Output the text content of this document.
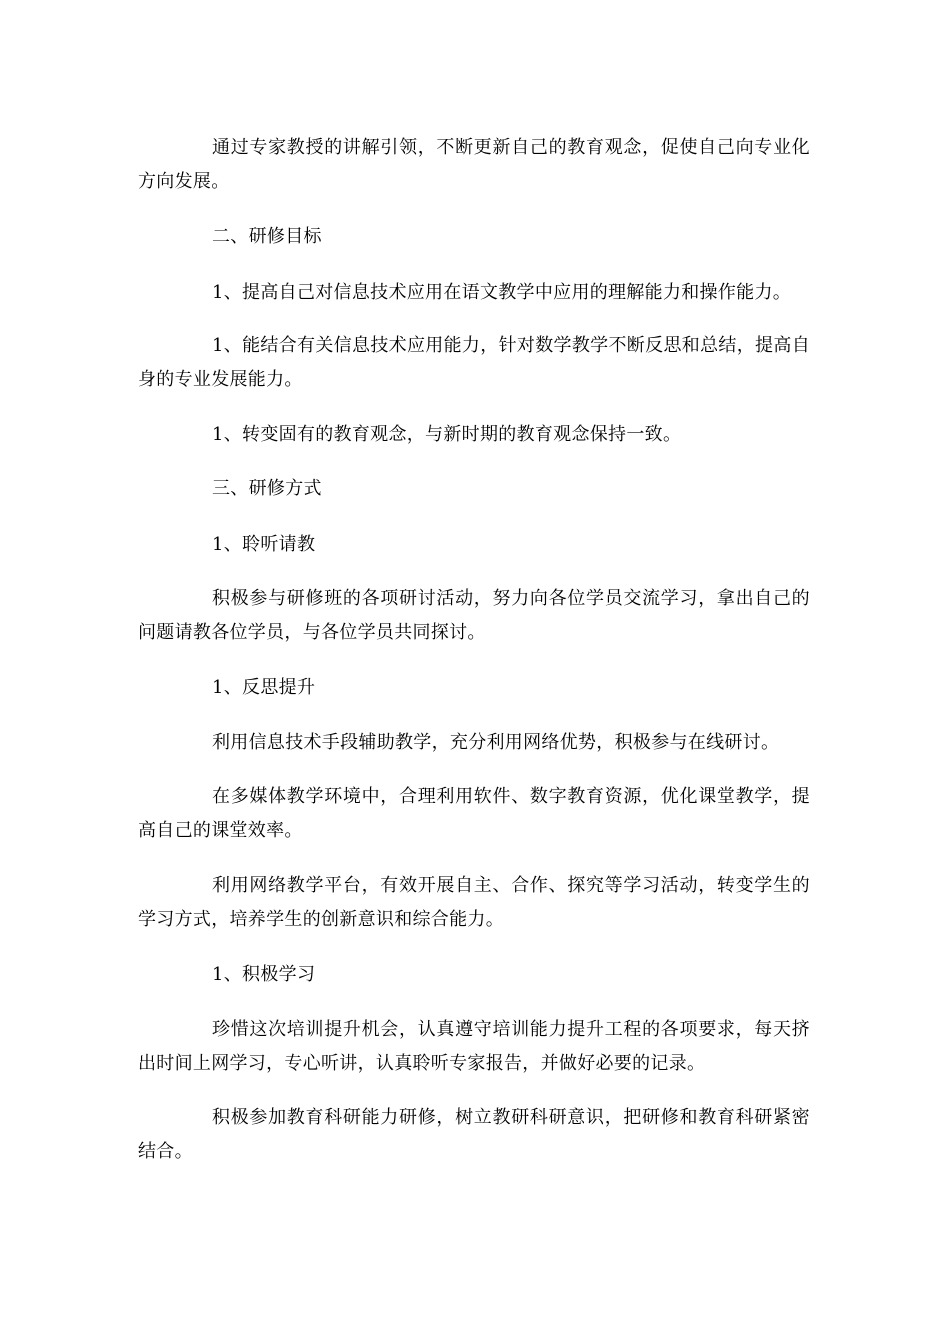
通过专家教授的讲解引领，不断更新自己的教育观念，促使自己向专业化方向发展。

二、研修目标

1、提高自己对信息技术应用在语文教学中应用的理解能力和操作能力。

1、能结合有关信息技术应用能力，针对数学教学不断反思和总结，提高自身的专业发展能力。

1、转变固有的教育观念，与新时期的教育观念保持一致。

三、研修方式

1、聆听请教

积极参与研修班的各项研讨活动，努力向各位学员交流学习，拿出自己的问题请教各位学员，与各位学员共同探讨。

1、反思提升

利用信息技术手段辅助教学，充分利用网络优势，积极参与在线研讨。

在多媒体教学环境中，合理利用软件、数字教育资源，优化课堂教学，提高自己的课堂效率。

利用网络教学平台，有效开展自主、合作、探究等学习活动，转变学生的学习方式，培养学生的创新意识和综合能力。

1、积极学习

珍惜这次培训提升机会，认真遵守培训能力提升工程的各项要求，每天挤出时间上网学习，专心听讲，认真聆听专家报告，并做好必要的记录。

积极参加教育科研能力研修，树立教研科研意识，把研修和教育科研紧密结合。
